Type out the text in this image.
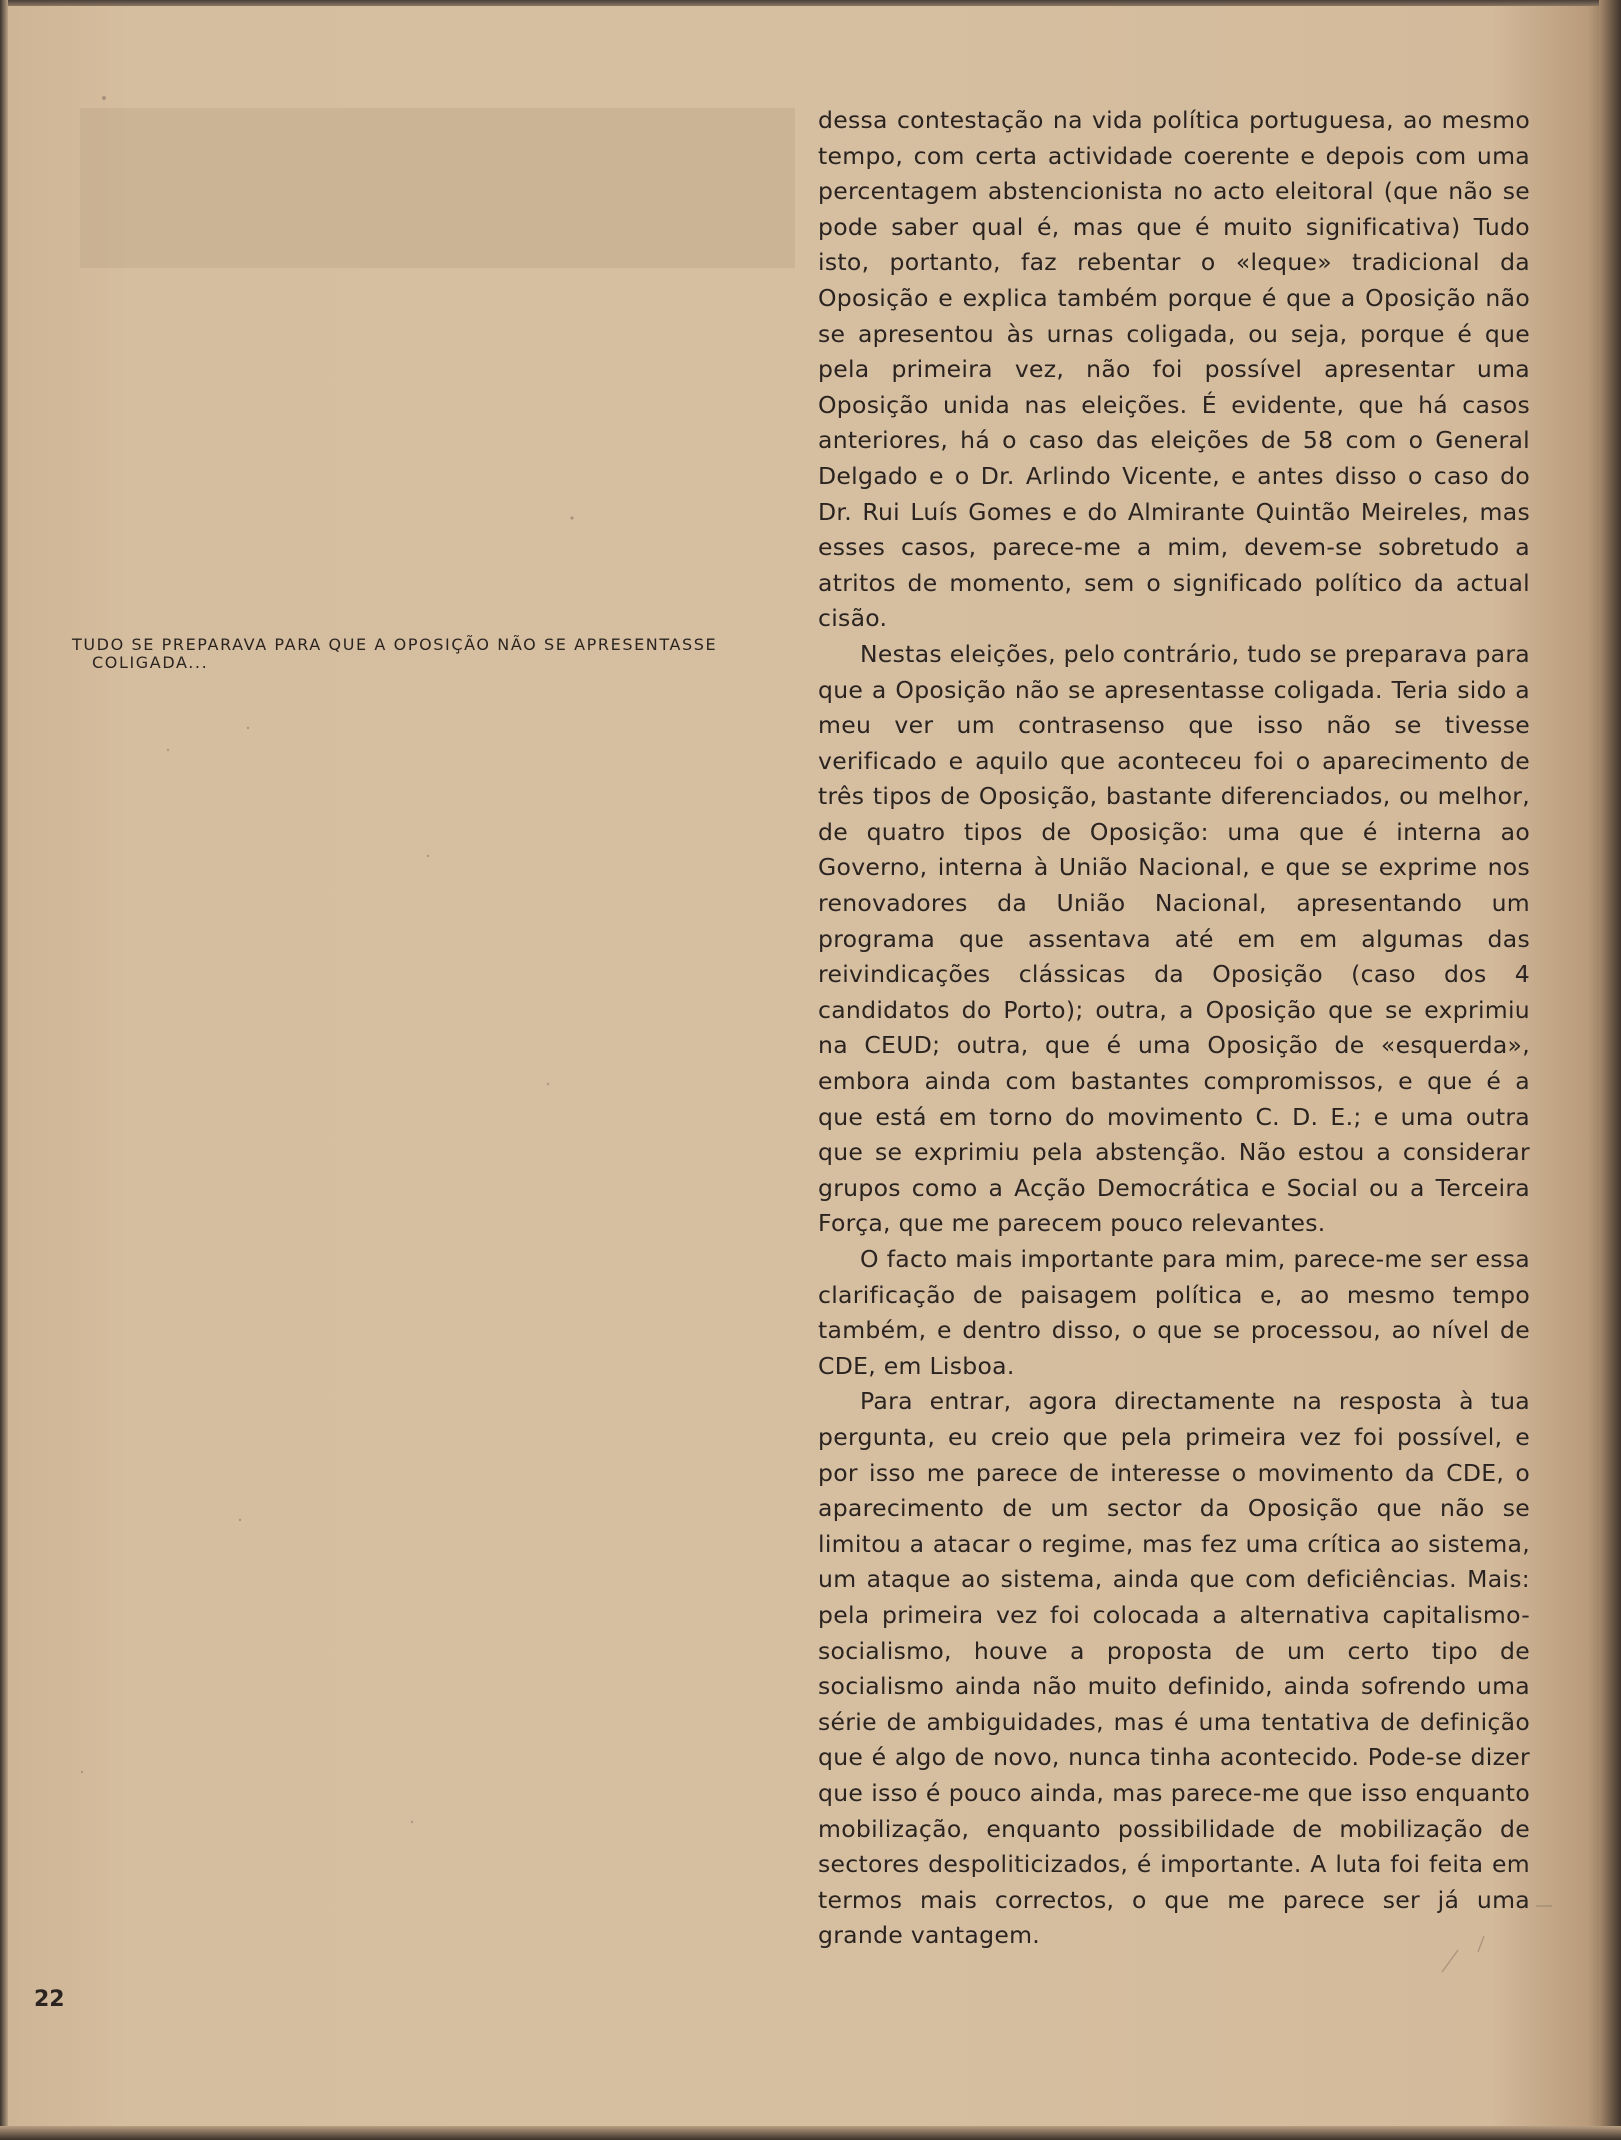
TUDO SE PREPARAVA PARA QUE A OPOSIÇÃO NÃO SE APRESENTASSE
COLIGADA...

dessa contestação na vida política portuguesa, ao mesmo tempo, com certa actividade coerente e depois com uma percentagem abstencionista no acto eleitoral (que não se pode saber qual é, mas que é muito significativa) Tudo isto, portanto, faz rebentar o «leque» tradicional da Oposição e explica também porque é que a Oposição não se apresentou às urnas coligada, ou seja, porque é que pela primeira vez, não foi possível apresentar uma Oposição unida nas eleições. É evidente, que há casos anteriores, há o caso das eleições de 58 com o General Delgado e o Dr. Arlindo Vicente, e antes disso o caso do Dr. Rui Luís Gomes e do Almirante Quintão Meireles, mas esses casos, parece-me a mim, devem-se sobretudo a atritos de momento, sem o significado político da actual cisão.

Nestas eleições, pelo contrário, tudo se preparava para que a Oposição não se apresentasse coligada. Teria sido a meu ver um contrasenso que isso não se tivesse verificado e aquilo que aconteceu foi o aparecimento de três tipos de Oposição, bastante diferenciados, ou melhor, de quatro tipos de Oposição: uma que é interna ao Governo, interna à União Nacional, e que se exprime nos renovadores da União Nacional, apresentando um programa que assentava até em em algumas das reivindicações clássicas da Oposição (caso dos 4 candidatos do Porto); outra, a Oposição que se exprimiu na CEUD; outra, que é uma Oposição de «esquerda», embora ainda com bastantes compromissos, e que é a que está em torno do movimento C. D. E.; e uma outra que se exprimiu pela abstenção. Não estou a considerar grupos como a Acção Democrática e Social ou a Terceira Força, que me parecem pouco relevantes.

O facto mais importante para mim, parece-me ser essa clarificação de paisagem política e, ao mesmo tempo também, e dentro disso, o que se processou, ao nível de CDE, em Lisboa.

Para entrar, agora directamente na resposta à tua pergunta, eu creio que pela primeira vez foi possível, e por isso me parece de interesse o movimento da CDE, o aparecimento de um sector da Oposição que não se limitou a atacar o regime, mas fez uma crítica ao sistema, um ataque ao sistema, ainda que com deficiências. Mais: pela primeira vez foi colocada a alternativa capitalismo-socialismo, houve a proposta de um certo tipo de socialismo ainda não muito definido, ainda sofrendo uma série de ambiguidades, mas é uma tentativa de definição que é algo de novo, nunca tinha acontecido. Pode-se dizer que isso é pouco ainda, mas parece-me que isso enquanto mobilização, enquanto possibilidade de mobilização de sectores despoliticizados, é importante. A luta foi feita em termos mais correctos, o que me parece ser já uma grande vantagem.

22
